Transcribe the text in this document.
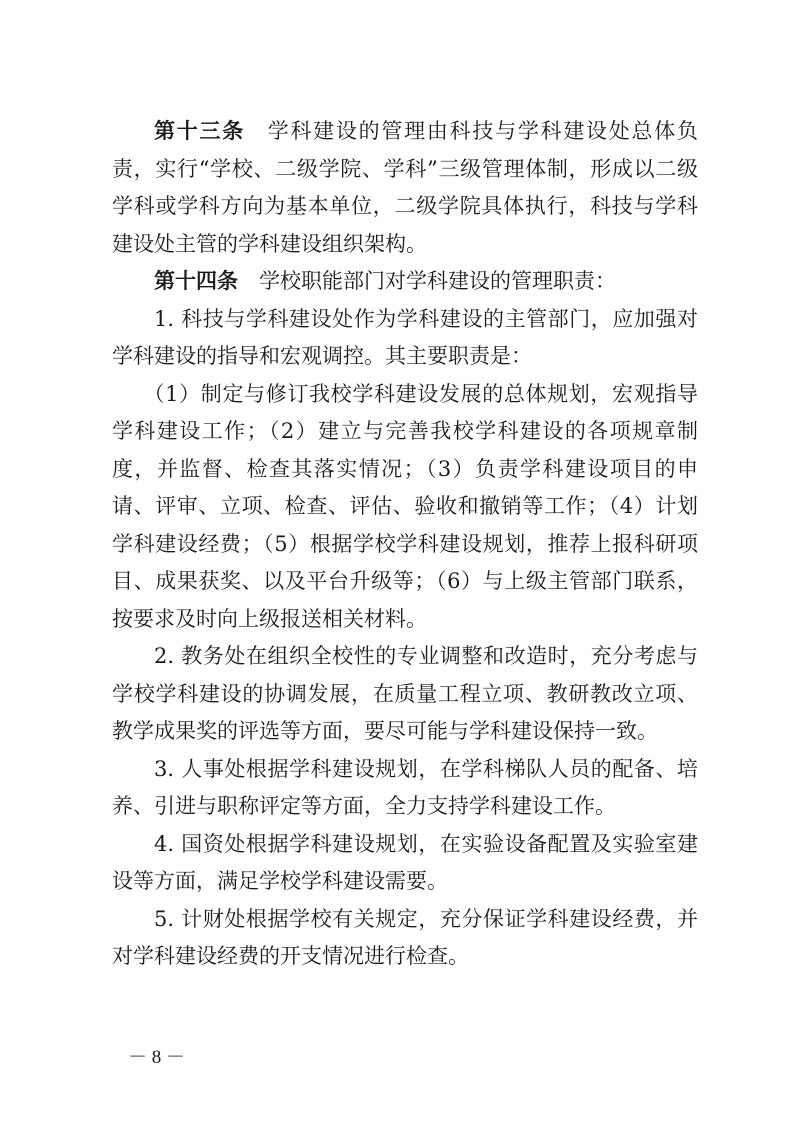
第十三条  学科建设的管理由科技与学科建设处总体负责，实行“学校、二级学院、学科”三级管理体制，形成以二级学科或学科方向为基本单位，二级学院具体执行，科技与学科建设处主管的学科建设组织架构。

第十四条  学校职能部门对学科建设的管理职责：

1. 科技与学科建设处作为学科建设的主管部门，应加强对学科建设的指导和宏观调控。其主要职责是：

（1）制定与修订我校学科建设发展的总体规划，宏观指导学科建设工作；（2）建立与完善我校学科建设的各项规章制度，并监督、检查其落实情况；（3）负责学科建设项目的申请、评审、立项、检查、评估、验收和撤销等工作；（4）计划学科建设经费；（5）根据学校学科建设规划，推荐上报科研项目、成果获奖、以及平台升级等；（6）与上级主管部门联系，按要求及时向上级报送相关材料。

2. 教务处在组织全校性的专业调整和改造时，充分考虑与学校学科建设的协调发展，在质量工程立项、教研教改立项、教学成果奖的评选等方面，要尽可能与学科建设保持一致。

3. 人事处根据学科建设规划，在学科梯队人员的配备、培养、引进与职称评定等方面，全力支持学科建设工作。

4. 国资处根据学科建设规划，在实验设备配置及实验室建设等方面，满足学校学科建设需要。

5. 计财处根据学校有关规定，充分保证学科建设经费，并对学科建设经费的开支情况进行检查。

－ 8 －
